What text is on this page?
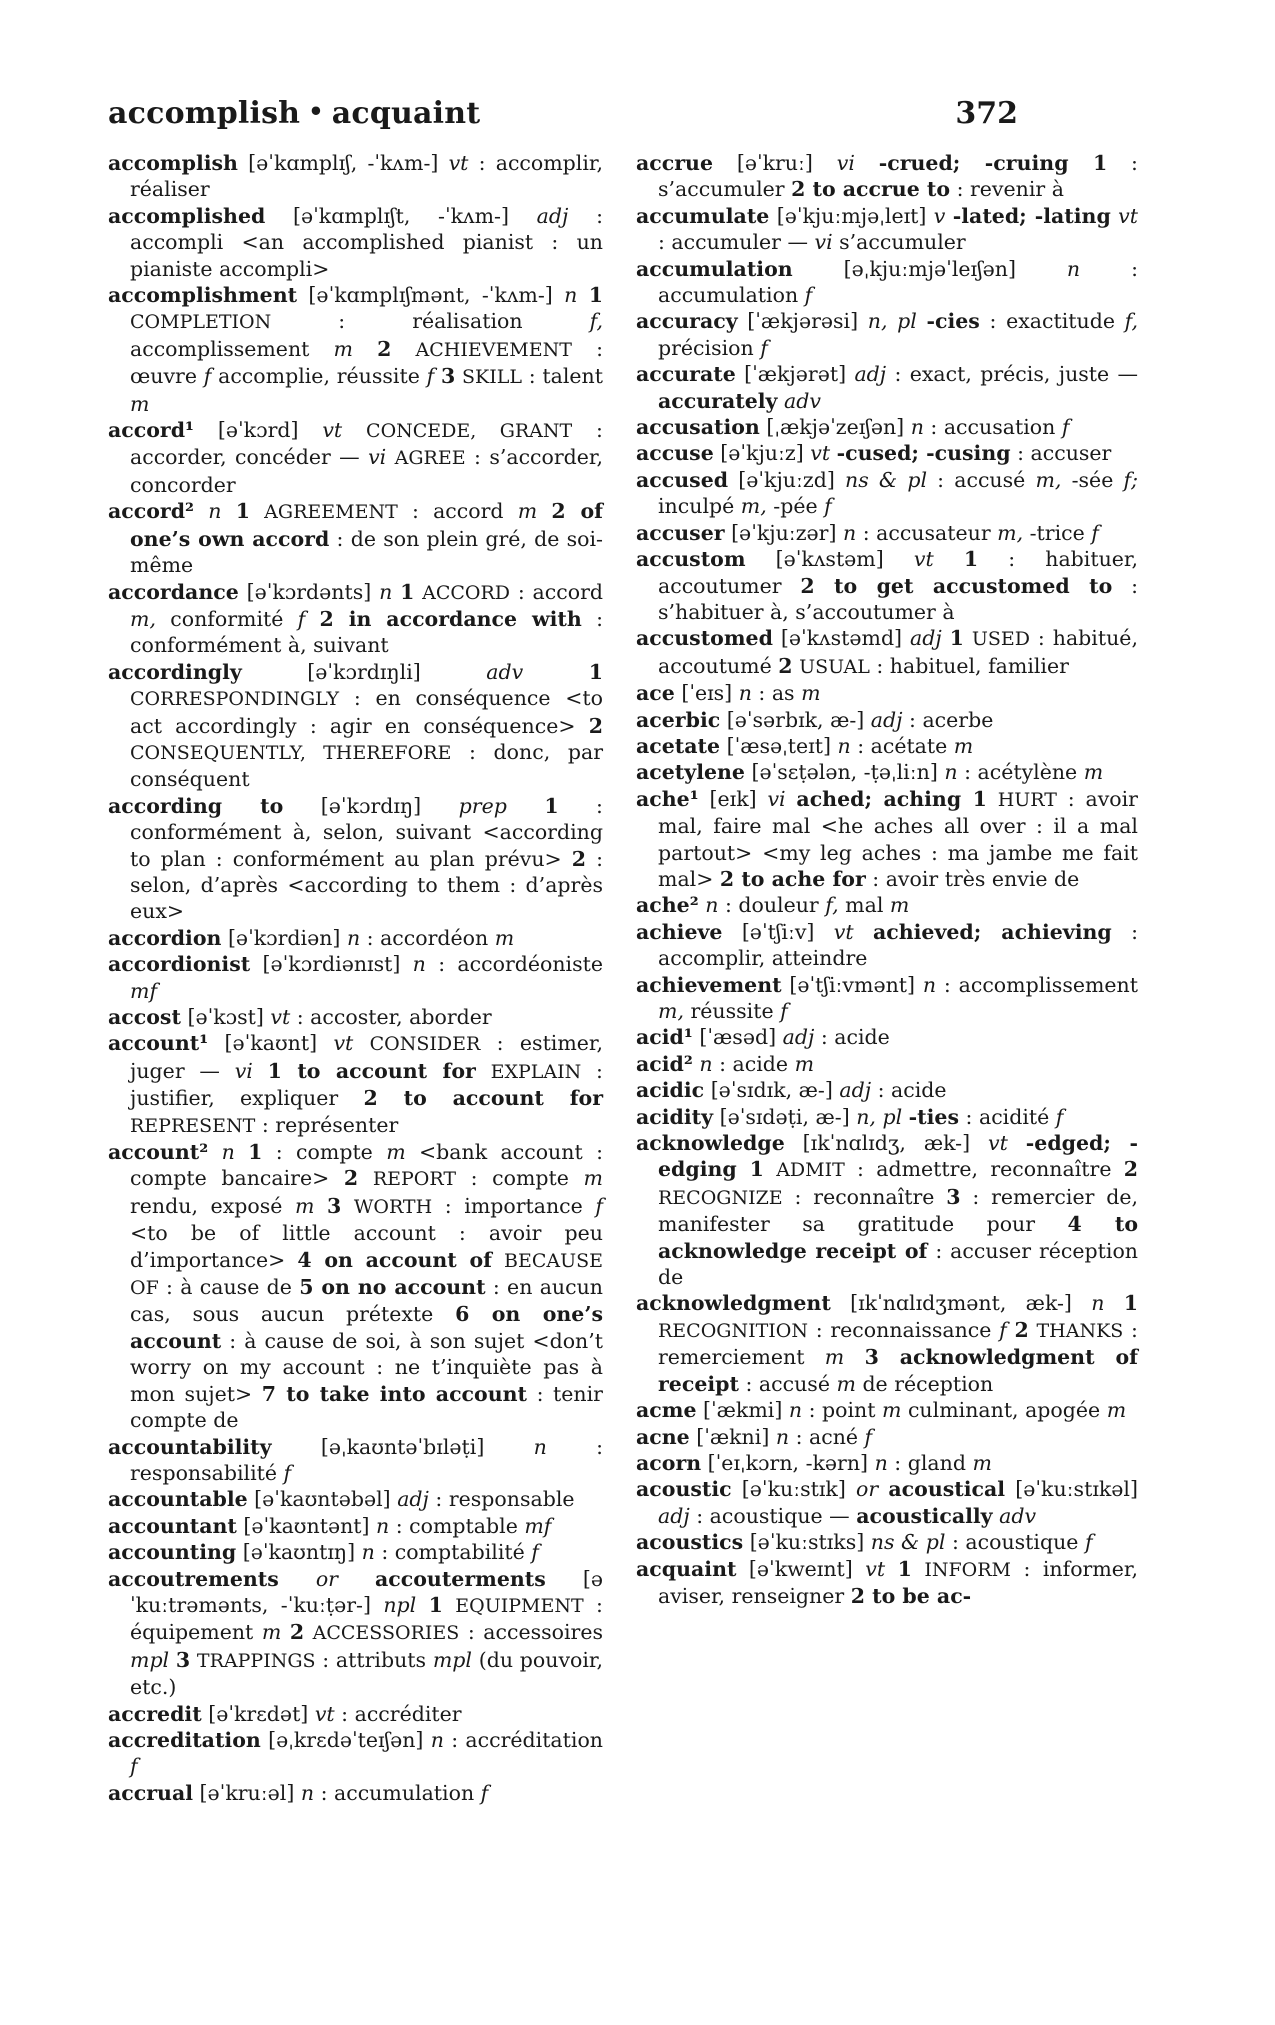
accomplish • acquaint	372

accomplish [əˈkɑmplɪʃ, -ˈkʌm-] vt : accomplir, réaliser

accomplished [əˈkɑmplɪʃt, -ˈkʌm-] adj : accompli <an accomplished pianist : un pianiste accompli>

accomplishment [əˈkɑmplɪʃmənt, -ˈkʌm-] n 1 COMPLETION : réalisation f, accomplissement m 2 ACHIEVEMENT : œuvre f accomplie, réussite f 3 SKILL : talent m

accord¹ [əˈkɔrd] vt CONCEDE, GRANT : accorder, concéder — vi AGREE : s’accorder, concorder

accord² n 1 AGREEMENT : accord m 2 of one’s own accord : de son plein gré, de soi-même

accordance [əˈkɔrdənts] n 1 ACCORD : accord m, conformité f 2 in accordance with : conformément à, suivant

accordingly [əˈkɔrdɪŋli] adv	1 CORRESPONDINGLY : en conséquence <to act accordingly : agir en conséquence> 2 CONSEQUENTLY, THEREFORE : donc, par conséquent

according to [əˈkɔrdɪŋ] prep 1 : conformément à, selon, suivant <according to plan : conformément au plan prévu> 2 : selon, d’après <according to them : d’après eux>

accordion [əˈkɔrdiən] n : accordéon m

accordionist [əˈkɔrdiənɪst] n : accordéoniste mf

accost [əˈkɔst] vt : accoster, aborder

account¹ [əˈkaʊnt] vt CONSIDER : estimer, juger — vi 1 to account for EXPLAIN : justifier, expliquer 2 to account for REPRESENT : représenter

account² n 1 : compte m <bank account : compte bancaire> 2 REPORT : compte m rendu, exposé m 3 WORTH : importance f <to be of little account : avoir peu d’importance> 4 on account of BECAUSE OF : à cause de 5 on no account : en aucun cas, sous aucun prétexte 6 on one’s account : à cause de soi, à son sujet <don’t worry on my account : ne t’inquiète pas à mon sujet> 7 to take into account : tenir compte de

accountability [əˌkaʊntəˈbɪləṭi] n : responsabilité f

accountable [əˈkaʊntəbəl] adj : responsable

accountant [əˈkaʊntənt] n : comptable mf

accounting [əˈkaʊntɪŋ] n : comptabilité f

accoutrements or accouterments [əˈkuːtrəmənts, -ˈkuːṭər-] npl 1 EQUIPMENT : équipement m 2 ACCESSORIES : accessoires mpl 3 TRAPPINGS : attributs mpl (du pouvoir, etc.)

accredit [əˈkrɛdət] vt : accréditer

accreditation [əˌkrɛdəˈteɪʃən] n : accréditation f

accrual [əˈkruːəl] n : accumulation f

accrue [əˈkruː] vi -crued; -cruing 1 : s’accumuler 2 to accrue to : revenir à

accumulate [əˈkjuːmjəˌleɪt] v -lated; -lating vt : accumuler — vi s’accumuler

accumulation [əˌkjuːmjəˈleɪʃən] n : accumulation f

accuracy [ˈækjərəsi] n, pl -cies : exactitude f, précision f

accurate [ˈækjərət] adj : exact, précis, juste — accurately adv

accusation [ˌækjəˈzeɪʃən] n : accusation f

accuse [əˈkjuːz] vt -cused; -cusing : accuser

accused [əˈkjuːzd] ns & pl : accusé m, -sée f; inculpé m, -pée f

accuser [əˈkjuːzər] n : accusateur m, -trice f

accustom [əˈkʌstəm] vt 1 : habituer, accoutumer 2 to get accustomed to : s’habituer à, s’accoutumer à

accustomed [əˈkʌstəmd] adj 1 USED : habitué, accoutumé 2 USUAL : habituel, familier

ace [ˈeɪs] n : as m

acerbic [əˈsərbɪk, æ-] adj : acerbe

acetate [ˈæsəˌteɪt] n : acétate m

acetylene [əˈsɛṭələn, -ṭəˌliːn] n : acétylène m

ache¹ [eɪk] vi ached; aching 1 HURT : avoir mal, faire mal <he aches all over : il a mal partout> <my leg aches : ma jambe me fait mal> 2 to ache for : avoir très envie de

ache² n : douleur f, mal m

achieve [əˈtʃiːv] vt achieved; achieving : accomplir, atteindre

achievement [əˈtʃiːvmənt] n : accomplissement m, réussite f

acid¹ [ˈæsəd] adj : acide

acid² n : acide m

acidic [əˈsɪdɪk, æ-] adj : acide

acidity [əˈsɪdəṭi, æ-] n, pl -ties : acidité f

acknowledge [ɪkˈnɑlɪdʒ, æk-] vt -edged; -edging 1 ADMIT : admettre, reconnaître 2 RECOGNIZE : reconnaître 3 : remercier de, manifester sa gratitude pour 4 to acknowledge receipt of : accuser réception de

acknowledgment [ɪkˈnɑlɪdʒmənt, æk-] n 1 RECOGNITION : reconnaissance f 2 THANKS : remerciement m 3 acknowledgment of receipt : accusé m de réception

acme [ˈækmi] n : point m culminant, apogée m

acne [ˈækni] n : acné f

acorn [ˈeɪˌkɔrn, -kərn] n : gland m

acoustic [əˈkuːstɪk] or acoustical [əˈkuːstɪkəl] adj : acoustique — acoustically adv

acoustics [əˈkuːstɪks] ns & pl : acoustique f

acquaint [əˈkweɪnt] vt 1 INFORM : informer, aviser, renseigner 2 to be ac-
